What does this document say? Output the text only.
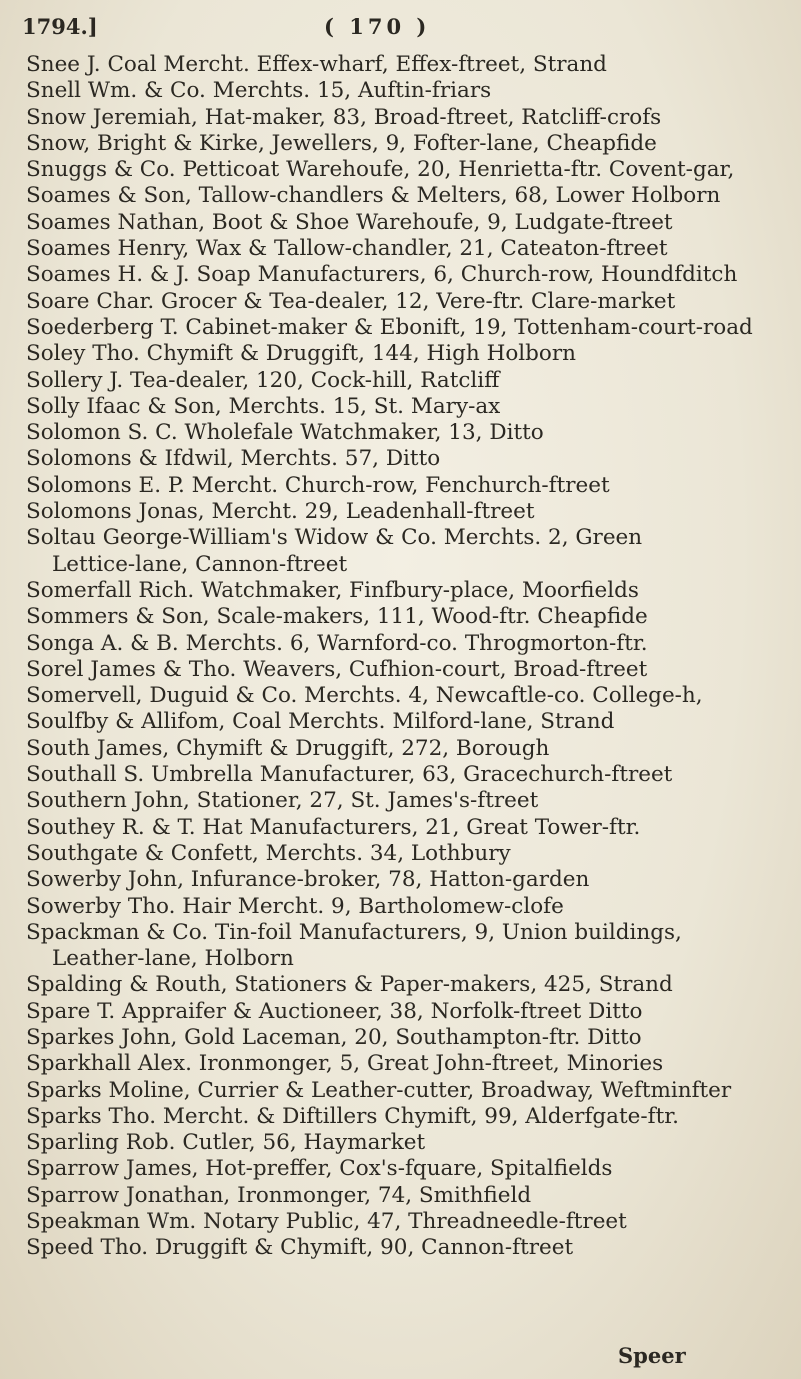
1794.]	( 170 )
Snee J. Coal Mercht. Effex-wharf, Effex-ftreet, Strand
Snell Wm. & Co. Merchts. 15, Auftin-friars
Snow Jeremiah, Hat-maker, 83, Broad-ftreet, Ratcliff-crofs
Snow, Bright & Kirke, Jewellers, 9, Fofter-lane, Cheapfide
Snuggs & Co. Petticoat Warehoufe, 20, Henrietta-ftr. Covent-gar,
Soames & Son, Tallow-chandlers & Melters, 68, Lower Holborn
Soames Nathan, Boot & Shoe Warehoufe, 9, Ludgate-ftreet
Soames Henry, Wax & Tallow-chandler, 21, Cateaton-ftreet
Soames H. & J. Soap Manufacturers, 6, Church-row, Houndfditch
Soare Char. Grocer & Tea-dealer, 12, Vere-ftr. Clare-market
Soederberg T. Cabinet-maker & Ebonift, 19, Tottenham-court-road
Soley Tho. Chymift & Druggift, 144, High Holborn
Sollery J. Tea-dealer, 120, Cock-hill, Ratcliff
Solly Ifaac & Son, Merchts. 15, St. Mary-ax
Solomon S. C. Wholefale Watchmaker, 13, Ditto
Solomons & Ifdwil, Merchts. 57, Ditto
Solomons E. P. Mercht. Church-row, Fenchurch-ftreet
Solomons Jonas, Mercht. 29, Leadenhall-ftreet
Soltau George-William's Widow & Co. Merchts. 2, Green
Lettice-lane, Cannon-ftreet
Somerfall Rich. Watchmaker, Finfbury-place, Moorfields
Sommers & Son, Scale-makers, 111, Wood-ftr. Cheapfide
Songa A. & B. Merchts. 6, Warnford-co. Throgmorton-ftr.
Sorel James & Tho. Weavers, Cufhion-court, Broad-ftreet
Somervell, Duguid & Co. Merchts. 4, Newcaftle-co. College-h,
Soulfby & Allifom, Coal Merchts. Milford-lane, Strand
South James, Chymift & Druggift, 272, Borough
Southall S. Umbrella Manufacturer, 63, Gracechurch-ftreet
Southern John, Stationer, 27, St. James's-ftreet
Southey R. & T. Hat Manufacturers, 21, Great Tower-ftr.
Southgate & Confett, Merchts. 34, Lothbury
Sowerby John, Infurance-broker, 78, Hatton-garden
Sowerby Tho. Hair Mercht. 9, Bartholomew-clofe
Spackman & Co. Tin-foil Manufacturers, 9, Union buildings,
Leather-lane, Holborn
Spalding & Routh, Stationers & Paper-makers, 425, Strand
Spare T. Appraifer & Auctioneer, 38, Norfolk-ftreet Ditto
Sparkes John, Gold Laceman, 20, Southampton-ftr. Ditto
Sparkhall Alex. Ironmonger, 5, Great John-ftreet, Minories
Sparks Moline, Currier & Leather-cutter, Broadway, Weftminfter
Sparks Tho. Mercht. & Diftillers Chymift, 99, Alderfgate-ftr.
Sparling Rob. Cutler, 56, Haymarket
Sparrow James, Hot-preffer, Cox's-fquare, Spitalfields
Sparrow Jonathan, Ironmonger, 74, Smithfield
Speakman Wm. Notary Public, 47, Threadneedle-ftreet
Speed Tho. Druggift & Chymift, 90, Cannon-ftreet
Speer
